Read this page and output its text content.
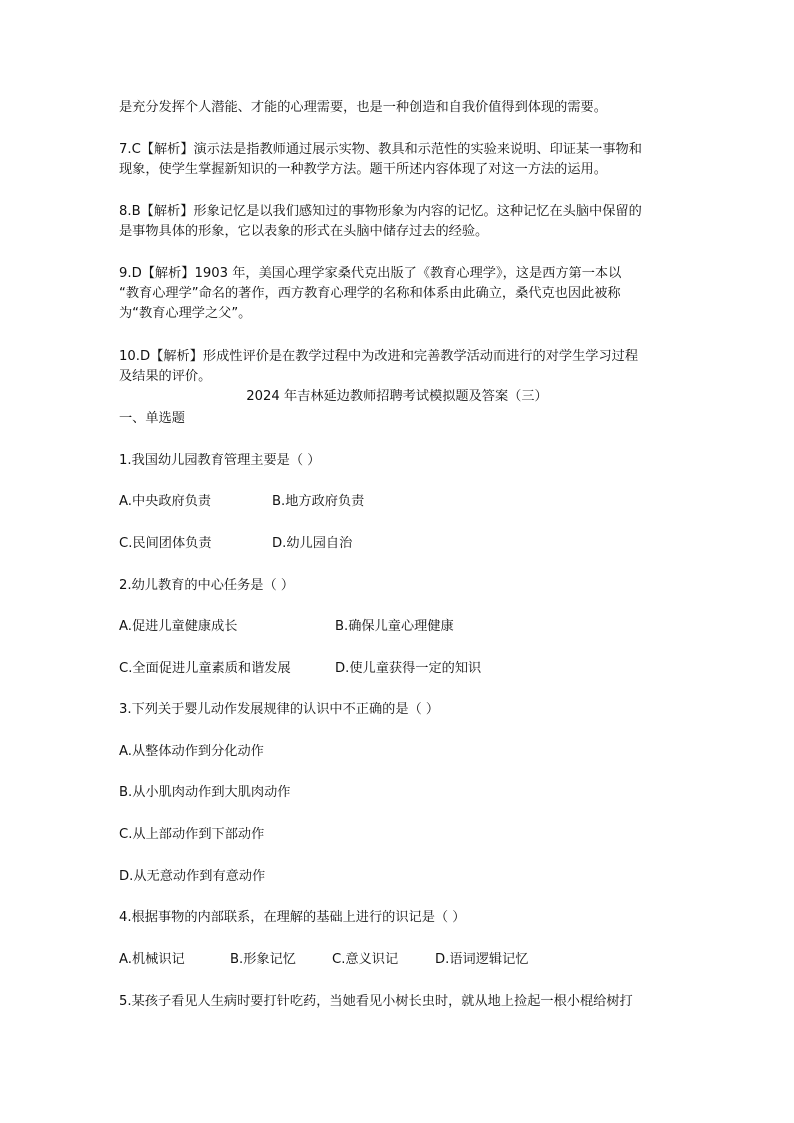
是充分发挥个人潜能、才能的心理需要，也是一种创造和自我价值得到体现的需要。
7.C【解析】演示法是指教师通过展示实物、教具和示范性的实验来说明、印证某一事物和
现象，使学生掌握新知识的一种教学方法。题干所述内容体现了对这一方法的运用。
8.B【解析】形象记忆是以我们感知过的事物形象为内容的记忆。这种记忆在头脑中保留的
是事物具体的形象，它以表象的形式在头脑中储存过去的经验。
9.D【解析】1903 年，美国心理学家桑代克出版了《教育心理学》，这是西方第一本以
“教育心理学”命名的著作，西方教育心理学的名称和体系由此确立，桑代克也因此被称
为“教育心理学之父”。
10.D【解析】形成性评价是在教学过程中为改进和完善教学活动而进行的对学生学习过程
及结果的评价。
2024 年吉林延边教师招聘考试模拟题及答案（三）
一、单选题
1.我国幼儿园教育管理主要是（ ）
A.中央政府负责	B.地方政府负责
C.民间团体负责	D.幼儿园自治
2.幼儿教育的中心任务是（ ）
A.促进儿童健康成长	B.确保儿童心理健康
C.全面促进儿童素质和谐发展	D.使儿童获得一定的知识
3.下列关于婴儿动作发展规律的认识中不正确的是（ ）
A.从整体动作到分化动作
B.从小肌肉动作到大肌肉动作
C.从上部动作到下部动作
D.从无意动作到有意动作
4.根据事物的内部联系，在理解的基础上进行的识记是（ ）
A.机械识记	B.形象记忆	C.意义识记	D.语词逻辑记忆
5.某孩子看见人生病时要打针吃药，当她看见小树长虫时，就从地上捡起一根小棍给树打
